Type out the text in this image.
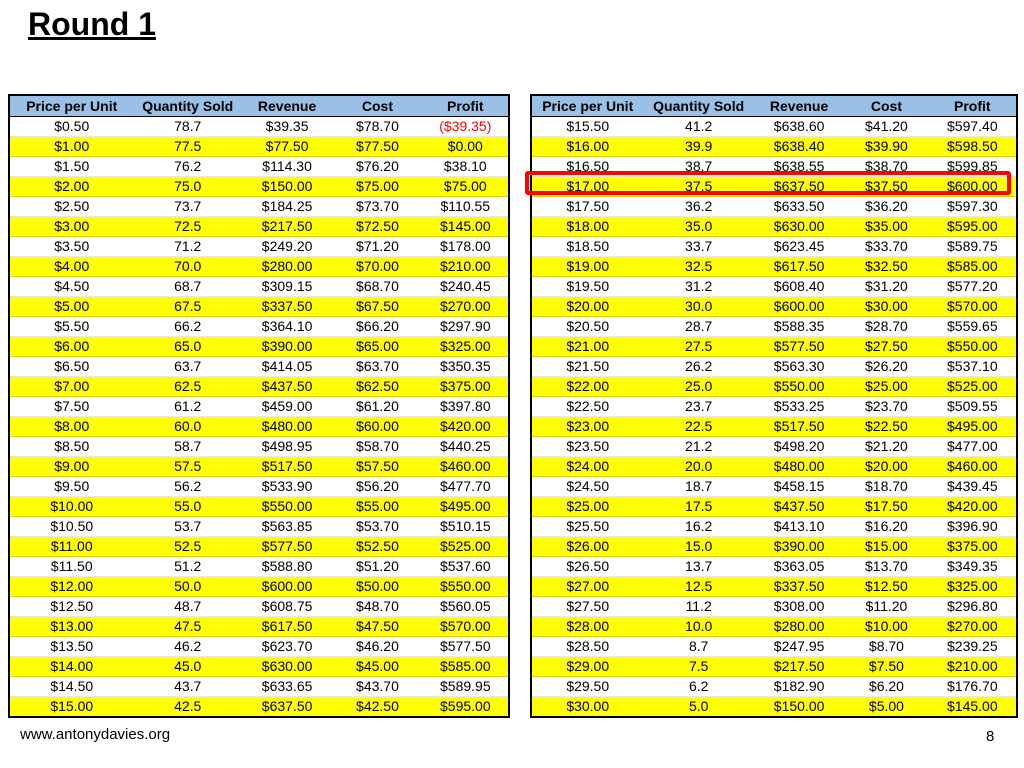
Round 1
Price per Unit	Quantity Sold	Revenue	Cost	Profit
$0.50	78.7	$39.35	$78.70	($39.35)
$1.00	77.5	$77.50	$77.50	$0.00
$1.50	76.2	$114.30	$76.20	$38.10
$2.00	75.0	$150.00	$75.00	$75.00
$2.50	73.7	$184.25	$73.70	$110.55
$3.00	72.5	$217.50	$72.50	$145.00
$3.50	71.2	$249.20	$71.20	$178.00
$4.00	70.0	$280.00	$70.00	$210.00
$4.50	68.7	$309.15	$68.70	$240.45
$5.00	67.5	$337.50	$67.50	$270.00
$5.50	66.2	$364.10	$66.20	$297.90
$6.00	65.0	$390.00	$65.00	$325.00
$6.50	63.7	$414.05	$63.70	$350.35
$7.00	62.5	$437.50	$62.50	$375.00
$7.50	61.2	$459.00	$61.20	$397.80
$8.00	60.0	$480.00	$60.00	$420.00
$8.50	58.7	$498.95	$58.70	$440.25
$9.00	57.5	$517.50	$57.50	$460.00
$9.50	56.2	$533.90	$56.20	$477.70
$10.00	55.0	$550.00	$55.00	$495.00
$10.50	53.7	$563.85	$53.70	$510.15
$11.00	52.5	$577.50	$52.50	$525.00
$11.50	51.2	$588.80	$51.20	$537.60
$12.00	50.0	$600.00	$50.00	$550.00
$12.50	48.7	$608.75	$48.70	$560.05
$13.00	47.5	$617.50	$47.50	$570.00
$13.50	46.2	$623.70	$46.20	$577.50
$14.00	45.0	$630.00	$45.00	$585.00
$14.50	43.7	$633.65	$43.70	$589.95
$15.00	42.5	$637.50	$42.50	$595.00
Price per Unit	Quantity Sold	Revenue	Cost	Profit
$15.50	41.2	$638.60	$41.20	$597.40
$16.00	39.9	$638.40	$39.90	$598.50
$16.50	38.7	$638.55	$38.70	$599.85
$17.00	37.5	$637.50	$37.50	$600.00
$17.50	36.2	$633.50	$36.20	$597.30
$18.00	35.0	$630.00	$35.00	$595.00
$18.50	33.7	$623.45	$33.70	$589.75
$19.00	32.5	$617.50	$32.50	$585.00
$19.50	31.2	$608.40	$31.20	$577.20
$20.00	30.0	$600.00	$30.00	$570.00
$20.50	28.7	$588.35	$28.70	$559.65
$21.00	27.5	$577.50	$27.50	$550.00
$21.50	26.2	$563.30	$26.20	$537.10
$22.00	25.0	$550.00	$25.00	$525.00
$22.50	23.7	$533.25	$23.70	$509.55
$23.00	22.5	$517.50	$22.50	$495.00
$23.50	21.2	$498.20	$21.20	$477.00
$24.00	20.0	$480.00	$20.00	$460.00
$24.50	18.7	$458.15	$18.70	$439.45
$25.00	17.5	$437.50	$17.50	$420.00
$25.50	16.2	$413.10	$16.20	$396.90
$26.00	15.0	$390.00	$15.00	$375.00
$26.50	13.7	$363.05	$13.70	$349.35
$27.00	12.5	$337.50	$12.50	$325.00
$27.50	11.2	$308.00	$11.20	$296.80
$28.00	10.0	$280.00	$10.00	$270.00
$28.50	8.7	$247.95	$8.70	$239.25
$29.00	7.5	$217.50	$7.50	$210.00
$29.50	6.2	$182.90	$6.20	$176.70
$30.00	5.0	$150.00	$5.00	$145.00
www.antonydavies.org	8
